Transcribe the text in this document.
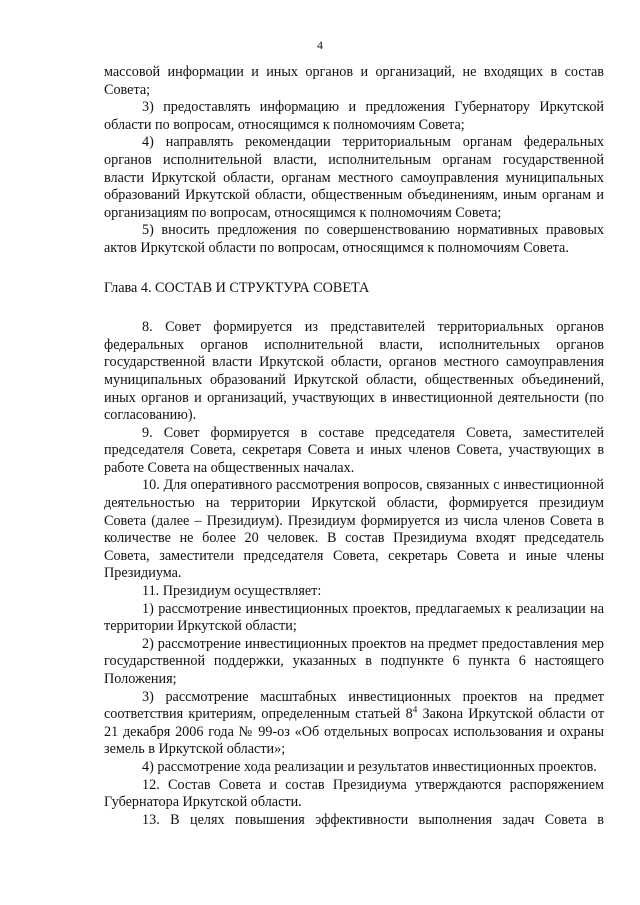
4
массовой информации и иных органов и организаций, не входящих в состав Совета;
3) предоставлять информацию и предложения Губернатору Иркутской области по вопросам, относящимся к полномочиям Совета;
4) направлять рекомендации территориальным органам федеральных органов исполнительной власти, исполнительным органам государственной власти Иркутской области, органам местного самоуправления муниципальных образований Иркутской области, общественным объединениям, иным органам и организациям по вопросам, относящимся к полномочиям Совета;
5) вносить предложения по совершенствованию нормативных правовых актов Иркутской области по вопросам, относящимся к полномочиям Совета.
Глава 4. СОСТАВ И СТРУКТУРА СОВЕТА
8. Совет формируется из представителей территориальных органов федеральных органов исполнительной власти, исполнительных органов государственной власти Иркутской области, органов местного самоуправления муниципальных образований Иркутской области, общественных объединений, иных органов и организаций, участвующих в инвестиционной деятельности (по согласованию).
9. Совет формируется в составе председателя Совета, заместителей председателя Совета, секретаря Совета и иных членов Совета, участвующих в работе Совета на общественных началах.
10. Для оперативного рассмотрения вопросов, связанных с инвестиционной деятельностью на территории Иркутской области, формируется президиум Совета (далее – Президиум). Президиум формируется из числа членов Совета в количестве не более 20 человек. В состав Президиума входят председатель Совета, заместители председателя Совета, секретарь Совета и иные члены Президиума.
11. Президиум осуществляет:
1) рассмотрение инвестиционных проектов, предлагаемых к реализации на территории Иркутской области;
2) рассмотрение инвестиционных проектов на предмет предоставления мер государственной поддержки, указанных в подпункте 6 пункта 6 настоящего Положения;
3) рассмотрение масштабных инвестиционных проектов на предмет соответствия критериям, определенным статьей $8^4$ Закона Иркутской области от 21 декабря 2006 года № 99-оз «Об отдельных вопросах использования и охраны земель в Иркутской области»;
4) рассмотрение хода реализации и результатов инвестиционных проектов.
12. Состав Совета и состав Президиума утверждаются распоряжением Губернатора Иркутской области.
13. В целях повышения эффективности выполнения задач Совета в
